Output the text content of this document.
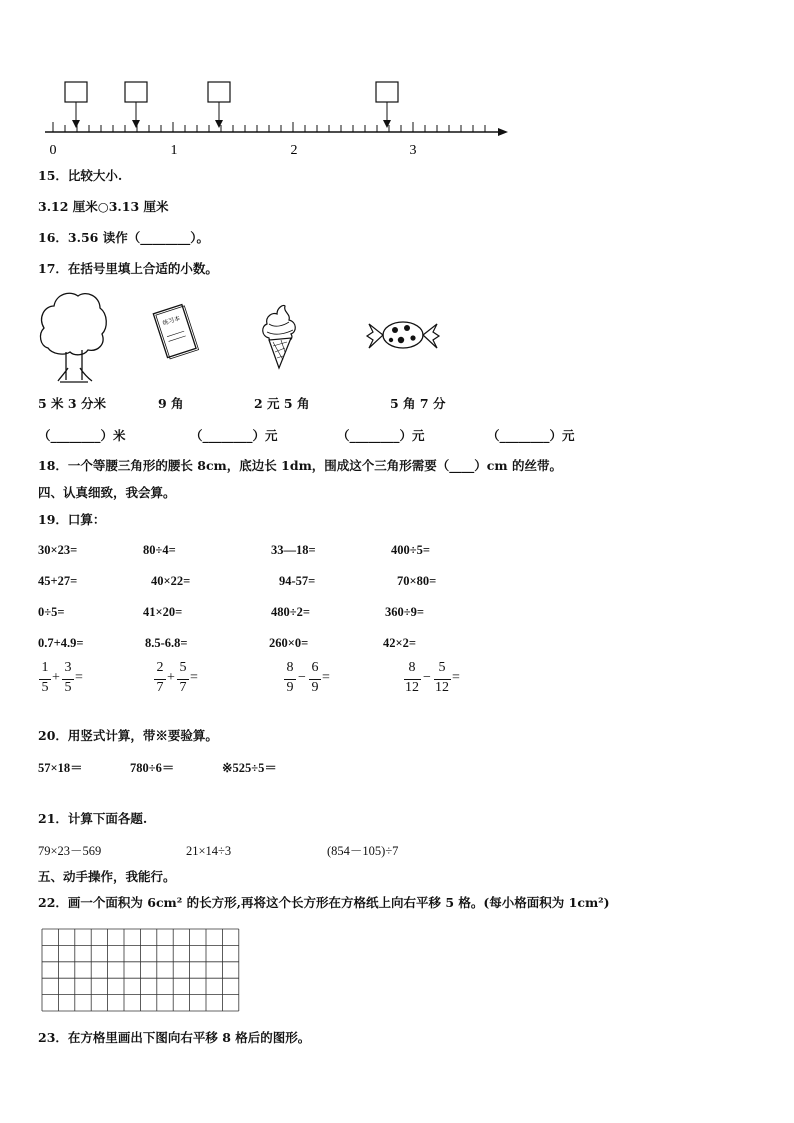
0	1	2	3
15．比较大小.
3.12 厘米○3.13 厘米
16．3.56 读作（________）。
17．在括号里填上合适的小数。
练习本
5 米 3 分米	9 角	2 元 5 角	5 角 7 分
（________）米	（________）元	（________）元	（________）元
18．一个等腰三角形的腰长 8cm，底边长 1dm，围成这个三角形需要（____）cm 的丝带。
四、认真细致，我会算。
19．口算：
30×23=	80÷4=	33—18=	400÷5=
45+27=	40×22=	94-57=	70×80=
0÷5=	41×20=	480÷2=	360÷9=
0.7+4.9=	8.5-6.8=	260×0=	42×2=
1
5
+
3
5
=
2
7
+
5
7
=
8
9
−
6
9
=
8
12
−
5
12
=
20．用竖式计算，带※要验算。
57×18＝	780÷6＝	※525÷5＝
21．计算下面各题.
79×23－569	21×14÷3	(854－105)÷7
五、动手操作，我能行。
22．画一个面积为 6cm² 的长方形,再将这个长方形在方格纸上向右平移 5 格。(每小格面积为 1cm²)
23．在方格里画出下图向右平移 8 格后的图形。
